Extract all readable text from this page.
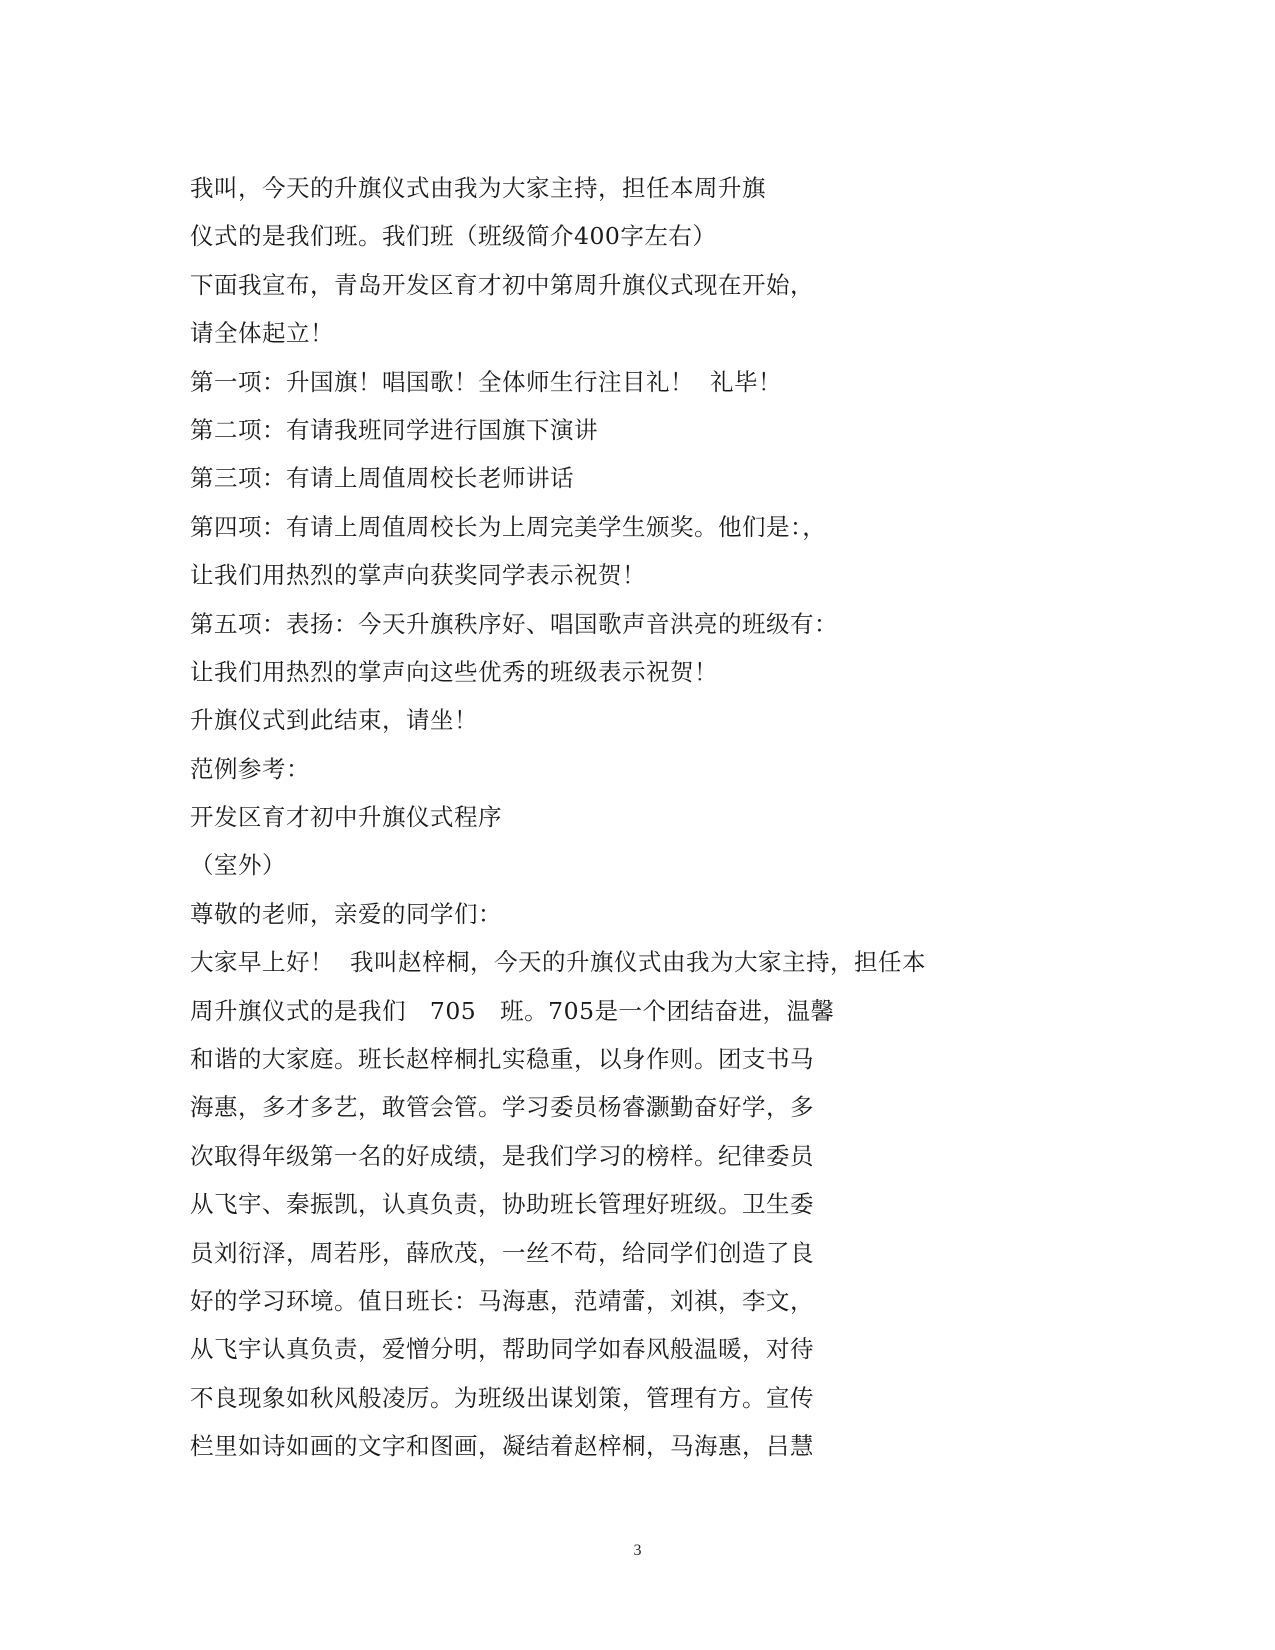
我叫，今天的升旗仪式由我为大家主持，担任本周升旗
仪式的是我们班。我们班（班级简介400字左右）
下面我宣布，青岛开发区育才初中第周升旗仪式现在开始，
请全体起立！
第一项：升国旗！唱国歌！全体师生行注目礼！  礼毕！
第二项：有请我班同学进行国旗下演讲
第三项：有请上周值周校长老师讲话
第四项：有请上周值周校长为上周完美学生颁奖。他们是：，
让我们用热烈的掌声向获奖同学表示祝贺！
第五项：表扬：今天升旗秩序好、唱国歌声音洪亮的班级有：
让我们用热烈的掌声向这些优秀的班级表示祝贺！
升旗仪式到此结束，请坐！
范例参考：
开发区育才初中升旗仪式程序
（室外）
尊敬的老师，亲爱的同学们：
大家早上好！  我叫赵梓桐，今天的升旗仪式由我为大家主持，担任本
周升旗仪式的是我们   705   班。705是一个团结奋进，温馨
和谐的大家庭。班长赵梓桐扎实稳重，以身作则。团支书马
海惠，多才多艺，敢管会管。学习委员杨睿灏勤奋好学，多
次取得年级第一名的好成绩，是我们学习的榜样。纪律委员
从飞宇、秦振凯，认真负责，协助班长管理好班级。卫生委
员刘衍泽，周若彤，薛欣茂，一丝不苟，给同学们创造了良
好的学习环境。值日班长：马海惠，范靖蕾，刘祺，李文，
从飞宇认真负责，爱憎分明，帮助同学如春风般温暖，对待
不良现象如秋风般凌厉。为班级出谋划策，管理有方。宣传
栏里如诗如画的文字和图画，凝结着赵梓桐，马海惠，吕慧
3
